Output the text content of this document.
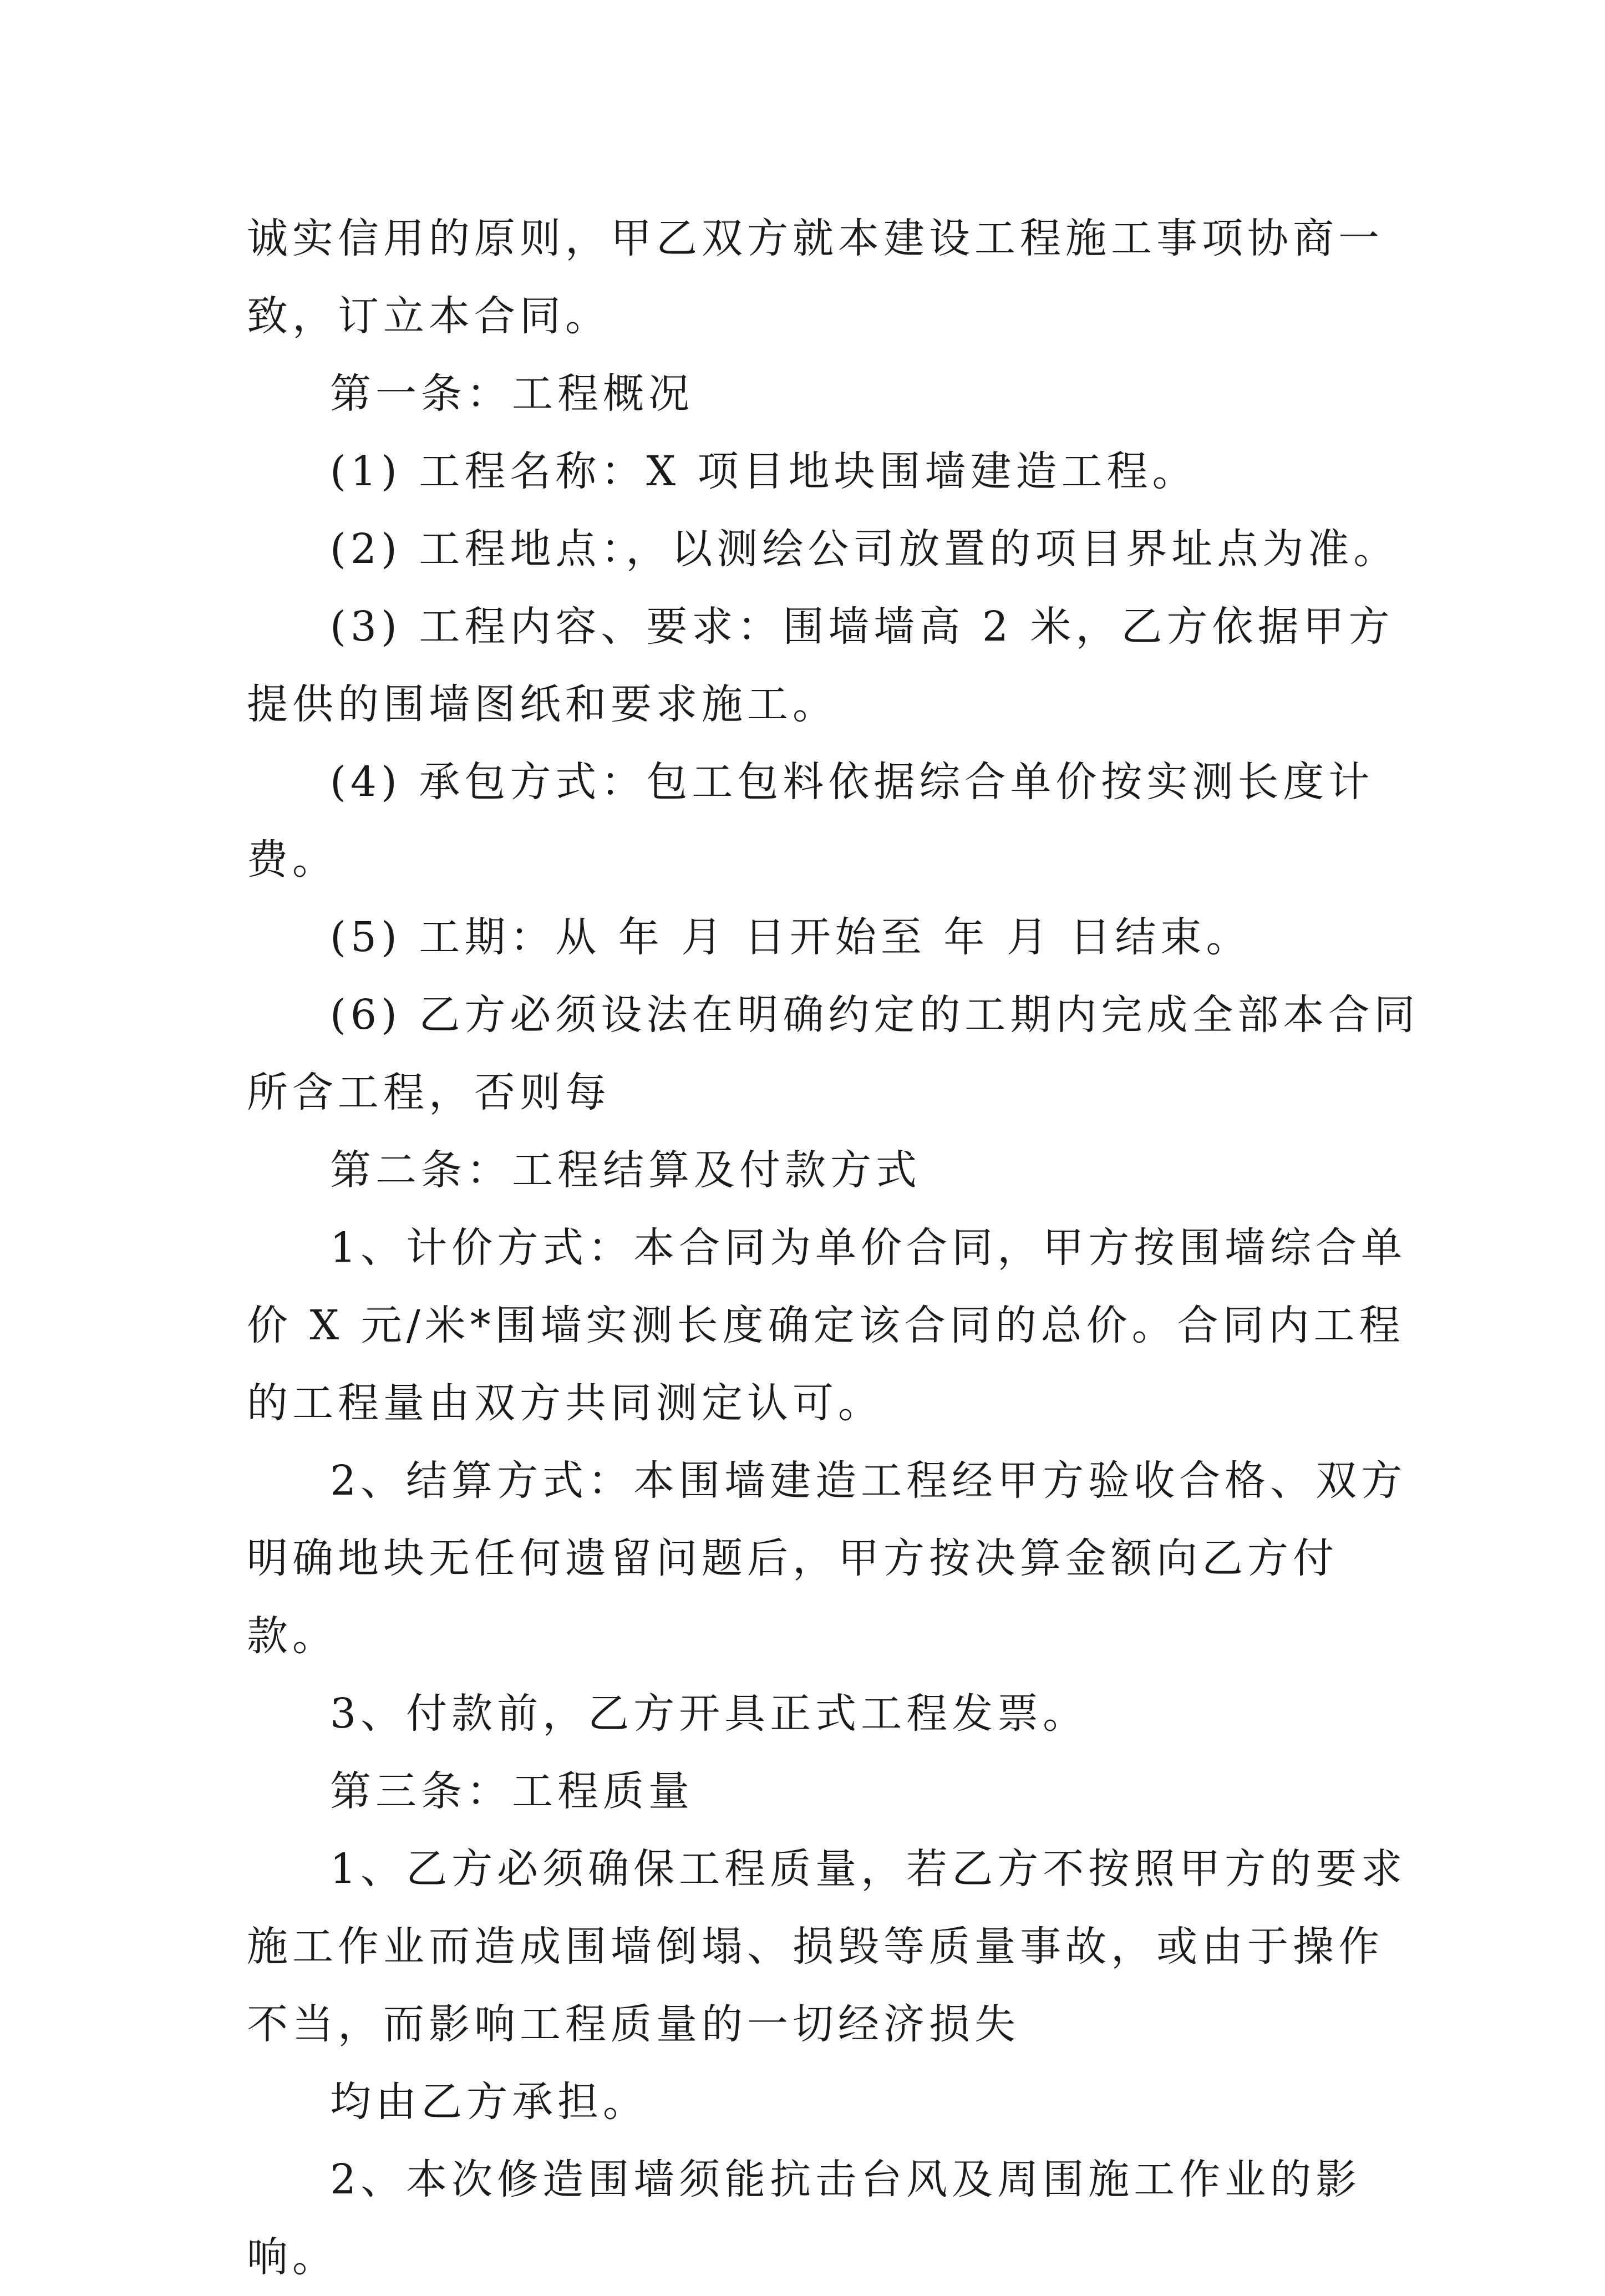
诚实信用的原则，甲乙双方就本建设工程施工事项协商一致，订立本合同。

第一条：工程概况

(1) 工程名称：X 项目地块围墙建造工程。

(2) 工程地点：，以测绘公司放置的项目界址点为准。

(3) 工程内容、要求：围墙墙高 2 米，乙方依据甲方提供的围墙图纸和要求施工。

(4) 承包方式：包工包料依据综合单价按实测长度计费。

(5) 工期：从 年 月 日开始至 年 月 日结束。

(6) 乙方必须设法在明确约定的工期内完成全部本合同所含工程，否则每

第二条：工程结算及付款方式

1、计价方式：本合同为单价合同，甲方按围墙综合单价 X 元/米*围墙实测长度确定该合同的总价。合同内工程的工程量由双方共同测定认可。

2、结算方式：本围墙建造工程经甲方验收合格、双方明确地块无任何遗留问题后，甲方按决算金额向乙方付款。

3、付款前，乙方开具正式工程发票。

第三条：工程质量

1、乙方必须确保工程质量，若乙方不按照甲方的要求施工作业而造成围墙倒塌、损毁等质量事故，或由于操作不当，而影响工程质量的一切经济损失

均由乙方承担。

2、本次修造围墙须能抗击台风及周围施工作业的影响。
